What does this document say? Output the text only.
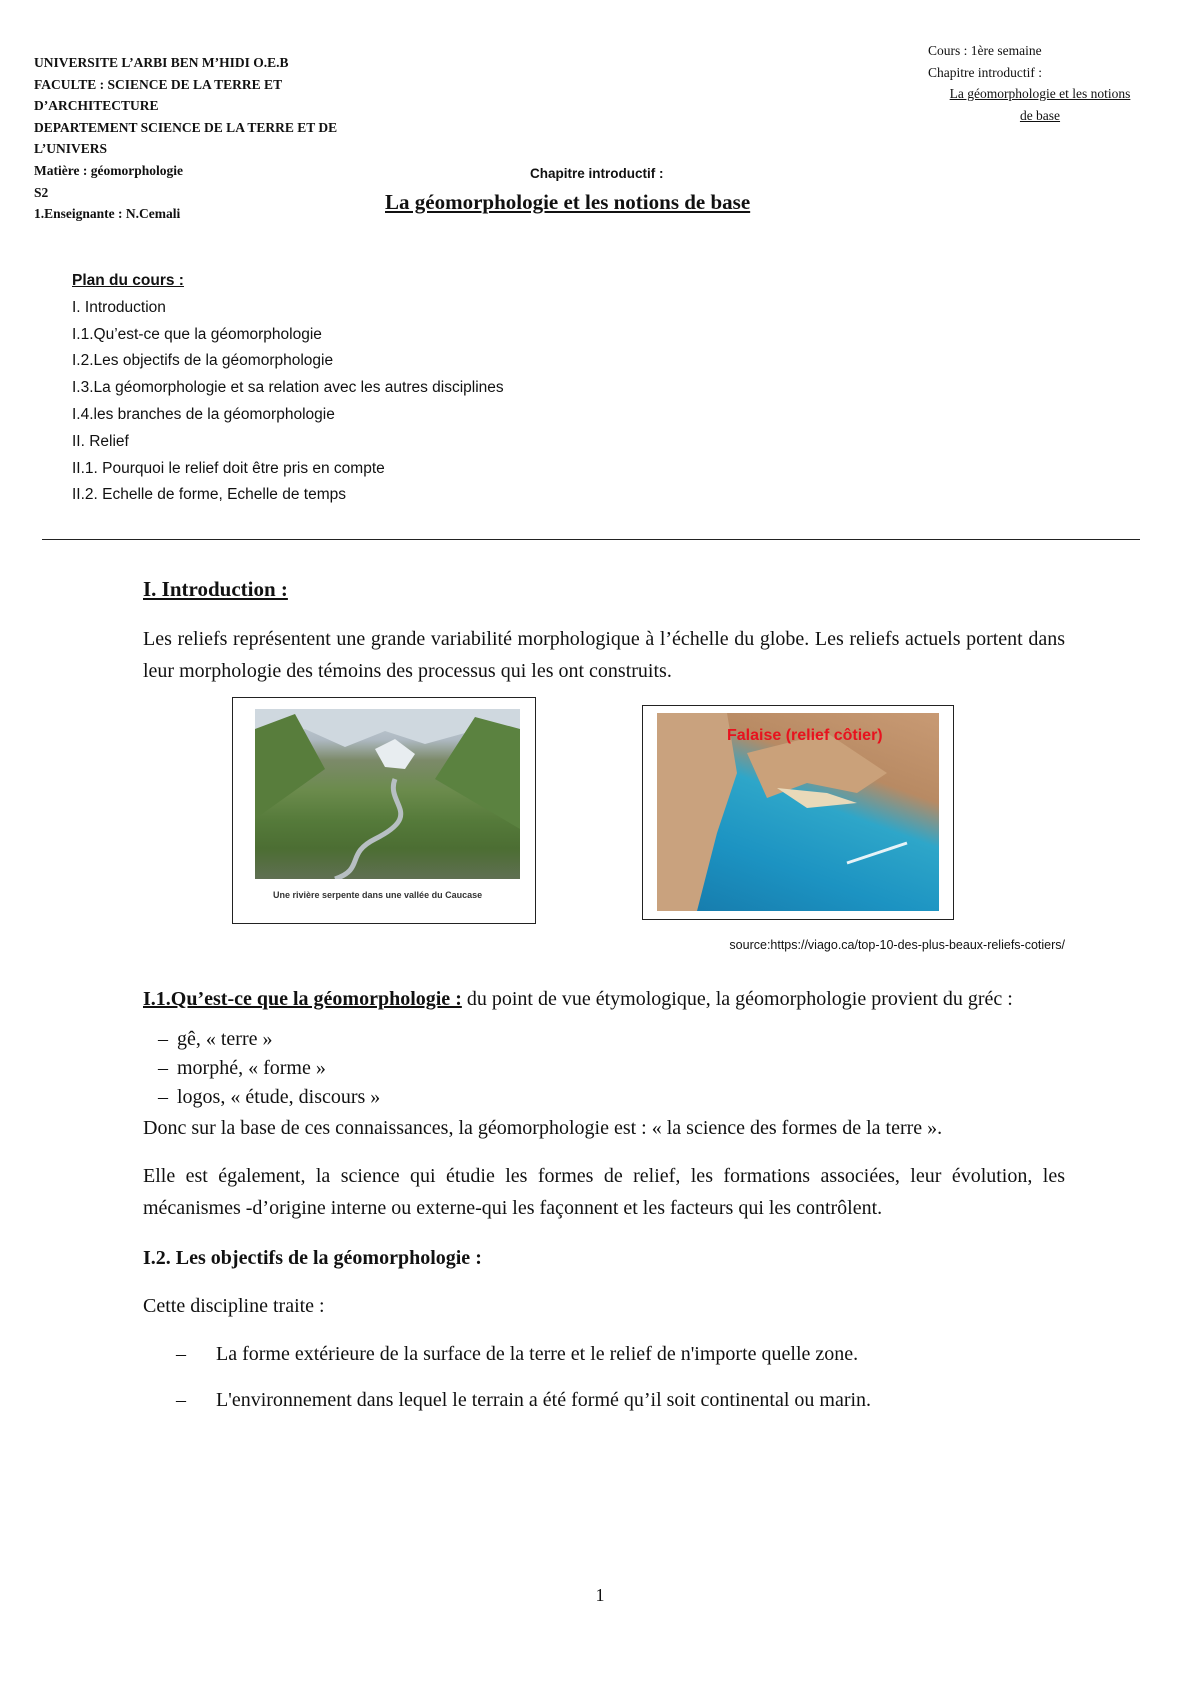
UNIVERSITE L’ARBI BEN M’HIDI O.E.B
FACULTE : SCIENCE DE LA TERRE ET
D’ARCHITECTURE
DEPARTEMENT SCIENCE DE LA TERRE ET DE
L’UNIVERS
Matière : géomorphologie
S2
1.Enseignante : N.Cemali
Cours : 1ère semaine
Chapitre introductif :
La géomorphologie et les notions
de base
Chapitre introductif :
La géomorphologie et les notions de base
Plan du cours :
I. Introduction
I.1.Qu’est-ce que la géomorphologie
I.2.Les objectifs de la géomorphologie
I.3.La géomorphologie et sa relation avec les autres disciplines
I.4.les branches de la géomorphologie
II. Relief
II.1. Pourquoi le relief doit être pris en compte
II.2. Echelle de forme, Echelle de temps
I. Introduction :

Les reliefs représentent une grande variabilité morphologique à l’échelle du globe. Les reliefs actuels portent dans leur morphologie des témoins des processus qui les ont construits.

Une rivière serpente dans une vallée du Caucase
Falaise (relief côtier)
source:https://viago.ca/top-10-des-plus-beaux-reliefs-cotiers/

I.1.Qu’est-ce que la géomorphologie : du point de vue étymologique, la géomorphologie provient du gréc :

– gê, « terre »
– morphé, « forme »
– logos, « étude, discours »

Donc sur la base de ces connaissances, la géomorphologie est : « la science des formes de la terre ».

Elle est également, la science qui étudie les formes de relief, les formations associées, leur évolution, les mécanismes -d’origine interne ou externe-qui les façonnent et les facteurs qui les contrôlent.

I.2. Les objectifs de la géomorphologie :

Cette discipline traite :

– La forme extérieure de la surface de la terre et le relief de n'importe quelle zone.
– L'environnement dans lequel le terrain a été formé qu’il soit continental ou marin.
1
